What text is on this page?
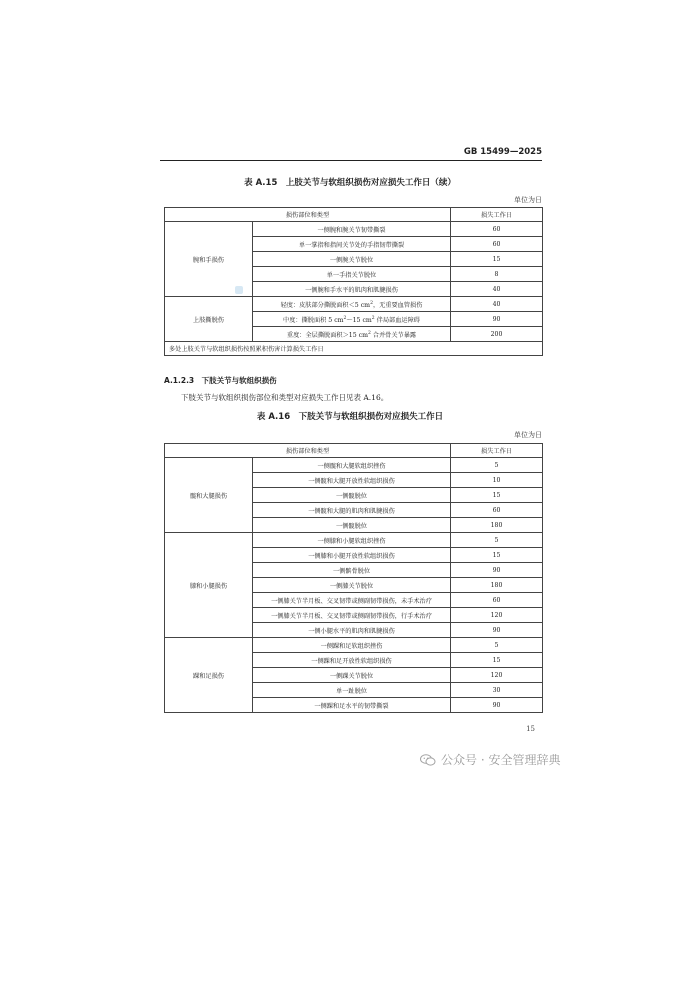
GB 15499—2025
表 A.15　上肢关节与软组织损伤对应损失工作日（续）
单位为日
损伤部位和类型		损失工作日
腕和手损伤	一侧腕和腕关节韧带撕裂	60
	单一掌指和指间关节处的手指韧带撕裂	60
	一侧腕关节脱位	15
	单一手指关节脱位	8
	一侧腕和手水平的肌肉和肌腱损伤	40
上肢撕脱伤	轻度：皮肤部分撕脱面积＜5 $cm^2$，无重要血管损伤	40
	中度：撕脱面积 5 $cm^2\sim 15$ $cm^2$ 伴局部血运障碍	90
	重度：全层撕脱面积＞15 $cm^2$ 合并骨关节暴露	200
多处上肢关节与软组织损伤按照累积伤害计算损失工作日		
A.1.2.3　下肢关节与软组织损伤
下肢关节与软组织损伤部位和类型对应损失工作日见表 A.16。
表 A.16　下肢关节与软组织损伤对应损失工作日
单位为日
损伤部位和类型		损失工作日
髋和大腿损伤	一侧髋和大腿软组织挫伤	5
	一侧髋和大腿开放性软组织损伤	10
	一侧髋脱位	15
	一侧髋和大腿的肌肉和肌腱损伤	60
	一侧髋脱位	180
膝和小腿损伤	一侧膝和小腿软组织挫伤	5
	一侧膝和小腿开放性软组织损伤	15
	一侧髌骨脱位	90
	一侧膝关节脱位	180
	一侧膝关节半月板、交叉韧带或侧副韧带损伤，未手术治疗	60
	一侧膝关节半月板、交叉韧带或侧副韧带损伤，行手术治疗	120
	一侧小腿水平的肌肉和肌腱损伤	90
踝和足损伤	一侧踝和足软组织挫伤	5
	一侧踝和足开放性软组织损伤	15
	一侧踝关节脱位	120
	单一趾脱位	30
	一侧踝和足水平的韧带撕裂	90
15
公众号 · 安全管理辞典
